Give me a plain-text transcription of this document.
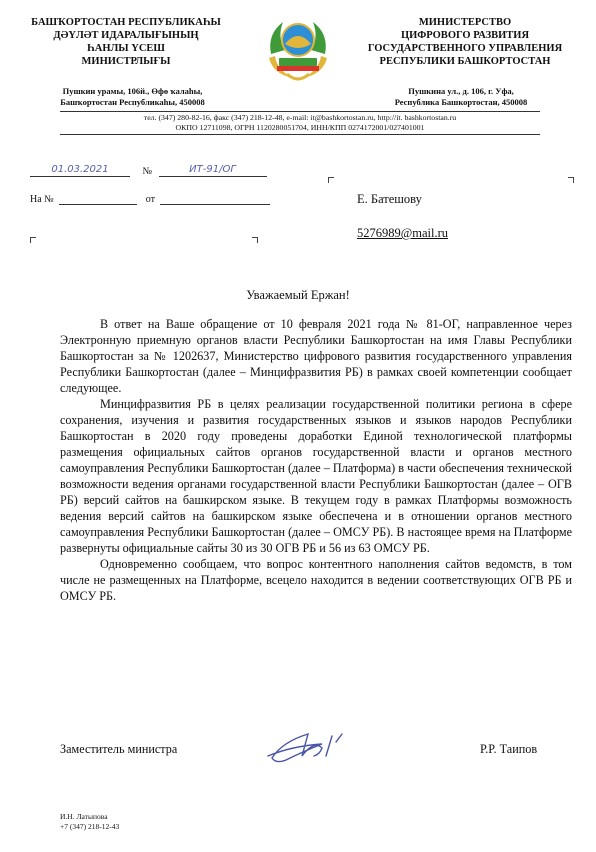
БАШҠОРТОСТАН РЕСПУБЛИКАҺЫ
ДӘҮЛӘТ ИДАРАЛЫҒЫНЫҢ
ҺАНЛЫ ҮСЕШ
МИНИСТРЛЫҒЫ
МИНИСТЕРСТВО
ЦИФРОВОГО РАЗВИТИЯ
ГОСУДАРСТВЕННОГО УПРАВЛЕНИЯ
РЕСПУБЛИКИ БАШКОРТОСТАН
Пушкин урамы, 106й., Өфө ҡалаһы,
Башҡортостан Республикаһы, 450008
Пушкина ул., д. 106, г. Уфа,
Республика Башкортостан, 450008
тел. (347) 280-82-16, факс (347) 218-12-48, e-mail: it@bashkortostan.ru, http://it. bashkortostan.ru
ОКПО 12711098, ОГРН 1120280051704, ИНН/КПП 0274172001/027401001
01.03.2021	№	ИТ-91/ОГ
На №	от	Е. Батешову
5276989@mail.ru
Уважаемый Ержан!

В ответ на Ваше обращение от 10 февраля 2021 года № 81-ОГ, направленное через Электронную приемную органов власти Республики Башкортостан на имя Главы Республики Башкортостан за № 1202637, Министерство цифрового развития государственного управления Республики Башкортостан (далее – Минцифразвития РБ) в рамках своей компетенции сообщает следующее.

Минцифразвития РБ в целях реализации государственной политики региона в сфере сохранения, изучения и развития государственных языков и языков народов Республики Башкортостан в 2020 году проведены доработки Единой технологической платформы размещения официальных сайтов органов государственной власти и органов местного самоуправления Республики Башкортостан (далее – Платформа) в части обеспечения технической возможности ведения органами государственной власти Республики Башкортостан (далее – ОГВ РБ) версий сайтов на башкирском языке. В текущем году в рамках Платформы возможность ведения версий сайтов на башкирском языке обеспечена и в отношении органов местного самоуправления Республики Башкортостан (далее – ОМСУ РБ). В настоящее время на Платформе развернуты официальные сайты 30 из 30 ОГВ РБ и 56 из 63 ОМСУ РБ.

Одновременно сообщаем, что вопрос контентного наполнения сайтов ведомств, в том числе не размещенных на Платформе, всецело находится в ведении соответствующих ОГВ РБ и ОМСУ РБ.

Заместитель министра	Р.Р. Таипов
И.Н. Латыпова
+7 (347) 218-12-43
